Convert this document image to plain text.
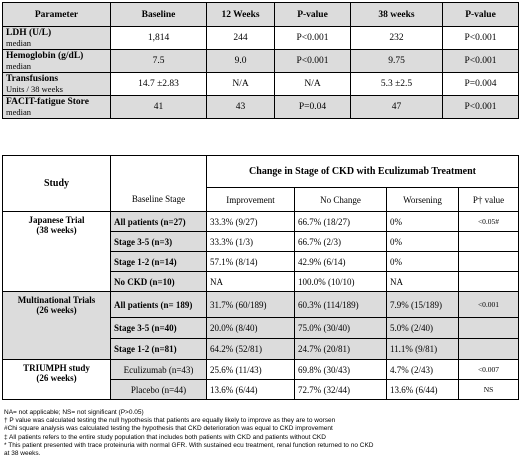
Parameter	Baseline	12 Weeks	P-value	38 weeks	P-value
LDH (U/L)
median	1,814	244	P<0.001	232	P<0.001
Hemoglobin (g/dL)
median	7.5	9.0	P<0.001	9.75	P<0.001
Transfusions
Units / 38 weeks	14.7 ±2.83	N/A	N/A	5.3 ±2.5	P=0.004
FACIT-fatigue Store
median	41	43	P=0.04	47	P<0.001
Study		Change in Stage of CKD with Eculizumab Treatment			
	Baseline Stage	Improvement	No Change	Worsening	P† value
Japanese Trial
(38 weeks)	All patients (n=27)	33.3% (9/27)	66.7% (18/27)	0%	<0.05#
	Stage 3-5 (n=3)	33.3% (1/3)	66.7% (2/3)	0%	
	Stage 1-2 (n=14)	57.1% (8/14)	42.9% (6/14)	0%	
	No CKD (n=10)	NA	100.0% (10/10)	NA	
Multinational Trials
(26 weeks)	All patients (n= 189)	31.7% (60/189)	60.3% (114/189)	7.9% (15/189)	<0.001
	Stage 3-5 (n=40)	20.0% (8/40)	75.0% (30/40)	5.0% (2/40)	
	Stage 1-2 (n=81)	64.2% (52/81)	24.7% (20/81)	11.1% (9/81)	
TRIUMPH study
(26 weeks)	Eculizumab (n=43)	25.6% (11/43)	69.8% (30/43)	4.7% (2/43)	<0.007
	Placebo (n=44)	13.6% (6/44)	72.7% (32/44)	13.6% (6/44)	NS
NA= not applicable; NS= not significant (P>0.05)
† P value was calculated testing the null hypothesis that patients are equally likely to improve as they are to worsen
#Chi square analysis was calculated testing the hypothesis that CKD deterioration was equal to CKD improvement
‡ All patients refers to the entire study population that includes both patients with CKD and patients without CKD
* This patient presented with trace proteinuria with normal GFR. With sustained ecu treatment, renal function returned to no CKD
at 38 weeks.
